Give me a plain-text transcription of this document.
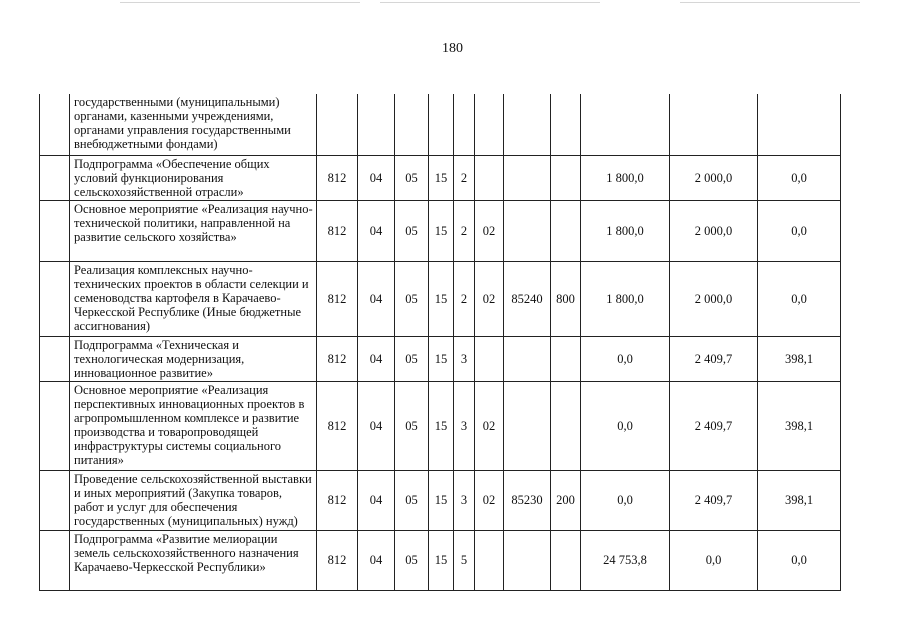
180
	государственными (муниципальными) органами, казенными учреждениями, органами управления государственными внебюджетными фондами)											
	Подпрограмма «Обеспечение общих условий функционирования сельскохозяйственной отрасли»	812	04	05	15	2				1 800,0	2 000,0	0,0
	Основное мероприятие «Реализация научно-технической политики, направленной на развитие сельского хозяйства»	812	04	05	15	2	02			1 800,0	2 000,0	0,0
	Реализация комплексных научно-технических проектов в области селекции и семеноводства картофеля в Карачаево-Черкесской Республике (Иные бюджетные ассигнования)	812	04	05	15	2	02	85240	800	1 800,0	2 000,0	0,0
	Подпрограмма «Техническая и технологическая модернизация, инновационное развитие»	812	04	05	15	3				0,0	2 409,7	398,1
	Основное мероприятие «Реализация перспективных инновационных проектов в агропромышленном комплексе и развитие производства и товаропроводящей инфраструктуры системы социального питания»	812	04	05	15	3	02			0,0	2 409,7	398,1
	Проведение сельскохозяйственной выставки и иных мероприятий (Закупка товаров, работ и услуг для обеспечения государственных (муниципальных) нужд)	812	04	05	15	3	02	85230	200	0,0	2 409,7	398,1
	Подпрограмма «Развитие мелиорации земель сельскохозяйственного назначения Карачаево-Черкесской Республики»	812	04	05	15	5				24 753,8	0,0	0,0
